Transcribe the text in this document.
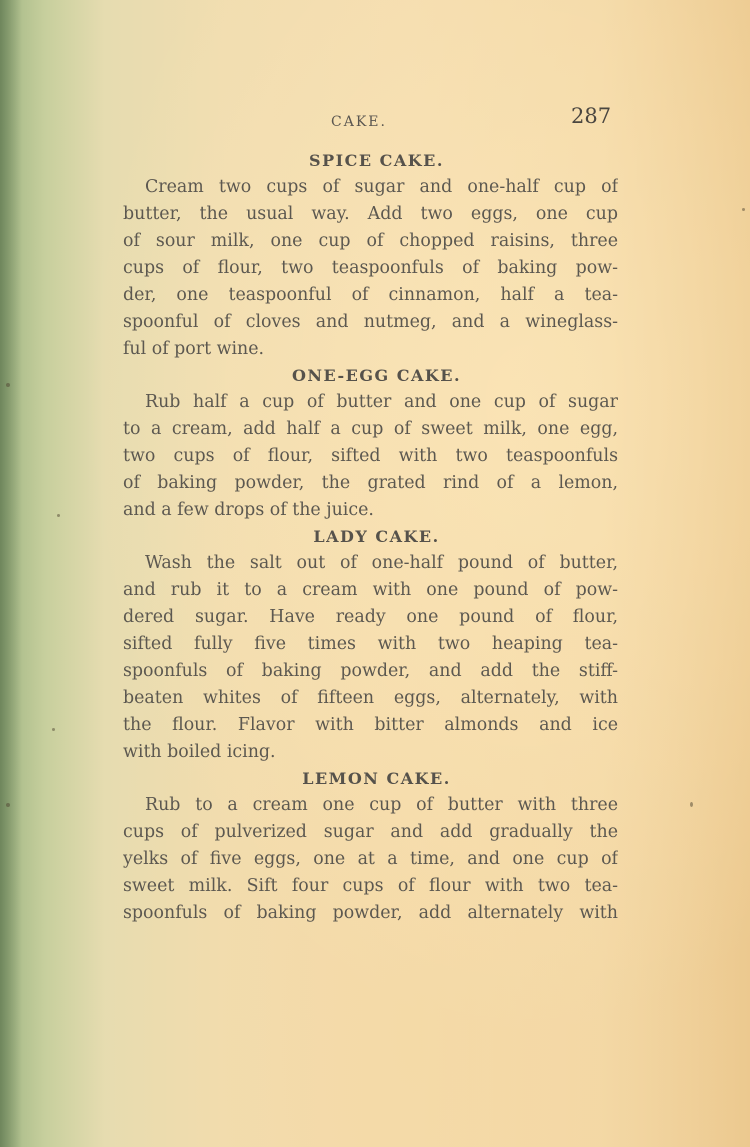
CAKE.	287
SPICE CAKE.

Cream two cups of sugar and one-half cup of
butter, the usual way. Add two eggs, one cup
of sour milk, one cup of chopped raisins, three
cups of flour, two teaspoonfuls of baking pow-
der, one teaspoonful of cinnamon, half a tea-
spoonful of cloves and nutmeg, and a wineglass-
ful of port wine.

ONE-EGG CAKE.

Rub half a cup of butter and one cup of sugar
to a cream, add half a cup of sweet milk, one egg,
two cups of flour, sifted with two teaspoonfuls
of baking powder, the grated rind of a lemon,
and a few drops of the juice.

LADY CAKE.

Wash the salt out of one-half pound of butter,
and rub it to a cream with one pound of pow-
dered sugar. Have ready one pound of flour,
sifted fully five times with two heaping tea-
spoonfuls of baking powder, and add the stiff-
beaten whites of fifteen eggs, alternately, with
the flour. Flavor with bitter almonds and ice
with boiled icing.

LEMON CAKE.

Rub to a cream one cup of butter with three
cups of pulverized sugar and add gradually the
yelks of five eggs, one at a time, and one cup of
sweet milk. Sift four cups of flour with two tea-
spoonfuls of baking powder, add alternately with
